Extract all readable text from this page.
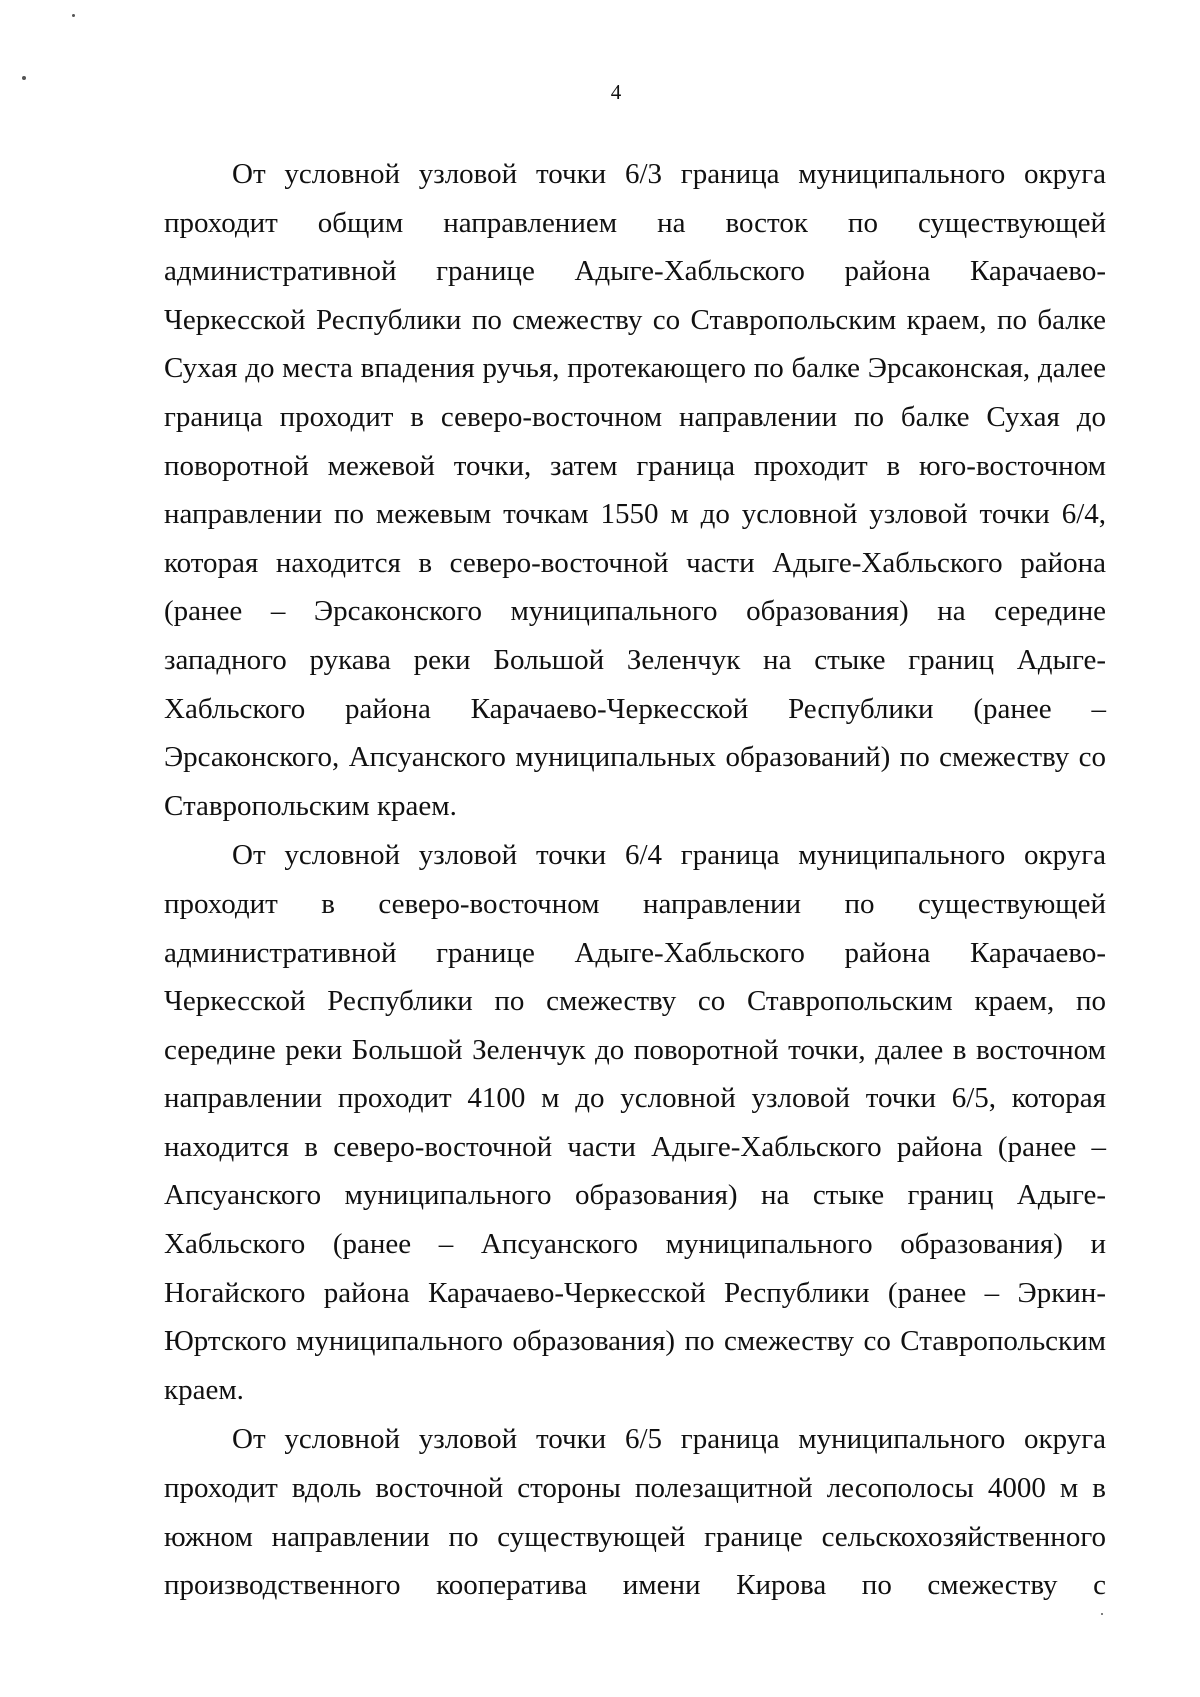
4

От условной узловой точки 6/3 граница муниципального округа проходит общим направлением на восток по существующей административной границе Адыге-Хабльского района Карачаево-Черкесской Республики по смежеству со Ставропольским краем, по балке Сухая до места впадения ручья, протекающего по балке Эрсаконская, далее граница проходит в северо-восточном направлении по балке Сухая до поворотной межевой точки, затем граница проходит в юго-восточном направлении по межевым точкам 1550 м до условной узловой точки 6/4, которая находится в северо-восточной части Адыге-Хабльского района (ранее – Эрсаконского муниципального образования) на середине западного рукава реки Большой Зеленчук на стыке границ Адыге-Хабльского района Карачаево-Черкесской Республики (ранее – Эрсаконского, Апсуанского муниципальных образований) по смежеству со Ставропольским краем.

От условной узловой точки 6/4 граница муниципального округа проходит в северо-восточном направлении по существующей административной границе Адыге-Хабльского района Карачаево-Черкесской Республики по смежеству со Ставропольским краем, по середине реки Большой Зеленчук до поворотной точки, далее в восточном направлении проходит 4100 м до условной узловой точки 6/5, которая находится в северо-восточной части Адыге-Хабльского района (ранее – Апсуанского муниципального образования) на стыке границ Адыге-Хабльского (ранее – Апсуанского муниципального образования) и Ногайского района Карачаево-Черкесской Республики (ранее – Эркин-Юртского муниципального образования) по смежеству со Ставропольским краем.

От условной узловой точки 6/5 граница муниципального округа проходит вдоль восточной стороны полезащитной лесополосы 4000 м в южном направлении по существующей границе сельскохозяйственного производственного кооператива имени Кирова по смежеству с
